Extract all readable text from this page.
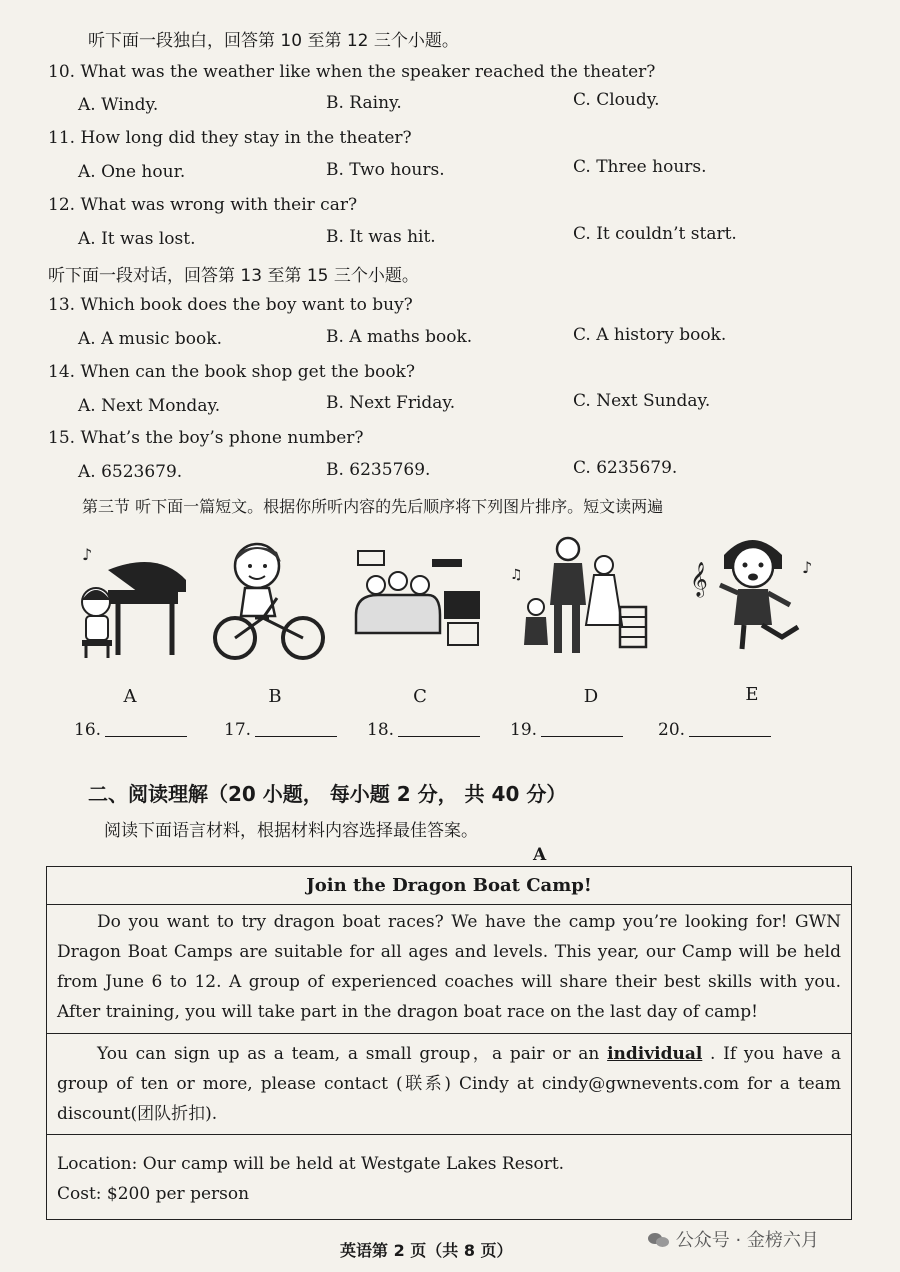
听下面一段独白，回答第 10 至第 12 三个小题。
10. What was the weather like when the speaker reached the theater?
A. Windy.	B. Rainy.	C. Cloudy.
11. How long did they stay in the theater?
A. One hour.	B. Two hours.	C. Three hours.
12. What was wrong with their car?
A. It was lost.	B. It was hit.	C. It couldn’t start.
听下面一段对话，回答第 13 至第 15 三个小题。
13. Which book does the boy want to buy?
A. A music book.	B. A maths book.	C. A history book.
14. When can the book shop get the book?
A. Next Monday.	B. Next Friday.	C. Next Sunday.
15. What’s the boy’s phone number?
A. 6523679.	B. 6235769.	C. 6235679.
第三节 听下面一篇短文。根据你所听内容的先后顺序将下列图片排序。短文读两遍
♪
♫	𝄞	♪
A	B	C	D	E
16.	17.	18.	19.	20.
二、阅读理解（20 小题， 每小题 2 分， 共 40 分）
阅读下面语言材料，根据材料内容选择最佳答案。
A
Join the Dragon Boat Camp!
Do you want to try dragon boat races? We have the camp you’re looking for! GWN Dragon Boat Camps are suitable for all ages and levels. This year, our Camp will be held from June 6 to 12. A group of experienced coaches will share their best skills with you. After training, you will take part in the dragon boat race on the last day of camp!
You can sign up as a team, a small group，a pair or an individual . If you have a group of ten or more, please contact (联系) Cindy at cindy@gwnevents.com for a team discount(团队折扣).
Location: Our camp will be held at Westgate Lakes Resort.
Cost: $200 per person
英语第 2 页（共 8 页）	公众号 · 金榜六月
